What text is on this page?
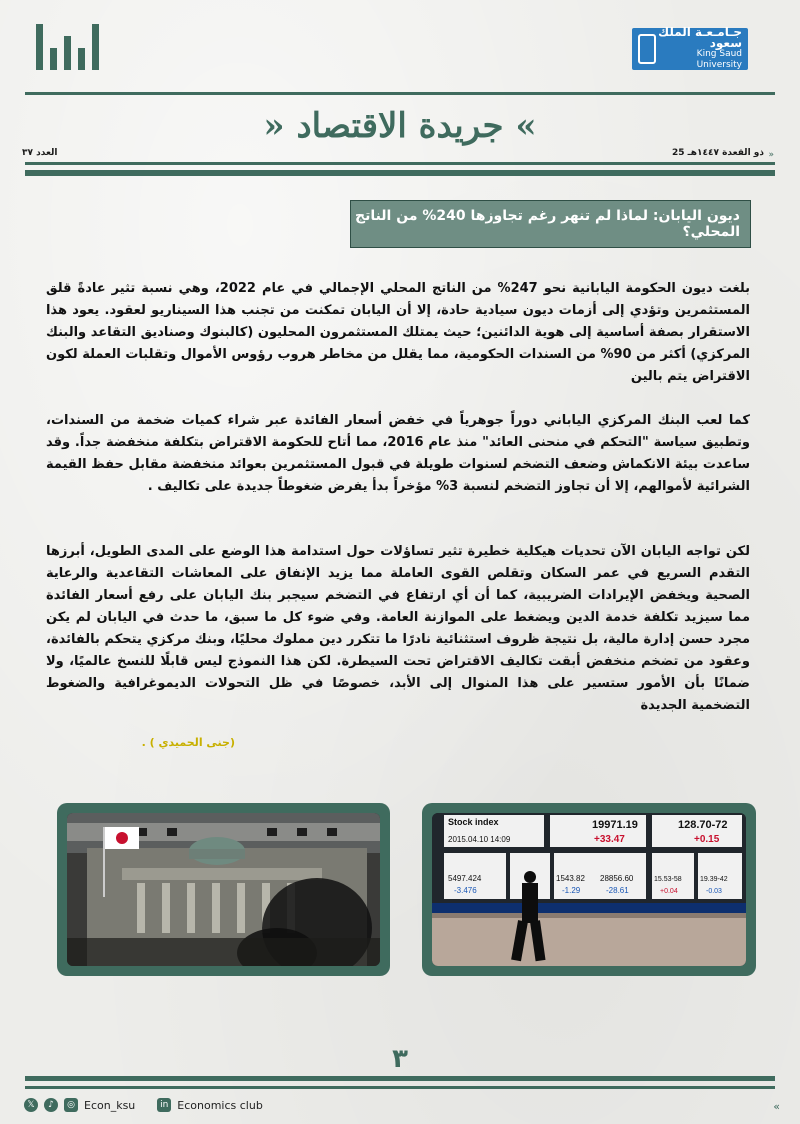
جـامـعـة الملك سعود
King Saud University
» جريدة الاقتصاد «
العدد ٣٧	25 ذو القعدة ١٤٤٧هـ »
ديون اليابان: لماذا لم تنهر رغم تجاوزها 240% من الناتج المحلي؟
بلغت ديون الحكومة اليابانية نحو 247% من الناتج المحلي الإجمالي في عام 2022، وهي نسبة تثير عادةً قلق المستثمرين وتؤدي إلى أزمات ديون سيادية حادة، إلا أن اليابان تمكنت من تجنب هذا السيناريو لعقود. يعود هذا الاستقرار بصفة أساسية إلى هوية الدائنين؛ حيث يمتلك المستثمرون المحليون (كالبنوك وصناديق التقاعد والبنك المركزي) أكثر من 90% من السندات الحكومية، مما يقلل من مخاطر هروب رؤوس الأموال وتقلبات العملة لكون الاقتراض يتم بالين
كما لعب البنك المركزي الياباني دوراً جوهرياً في خفض أسعار الفائدة عبر شراء كميات ضخمة من السندات، وتطبيق سياسة "التحكم في منحنى العائد" منذ عام 2016، مما أتاح للحكومة الاقتراض بتكلفة منخفضة جداً. وقد ساعدت بيئة الانكماش وضعف التضخم لسنوات طويلة في قبول المستثمرين بعوائد منخفضة مقابل حفظ القيمة الشرائية لأموالهم، إلا أن تجاوز التضخم لنسبة 3% مؤخراً بدأ يفرض ضغوطاً جديدة على تكاليف .
لكن تواجه اليابان الآن تحديات هيكلية خطيرة تثير تساؤلات حول استدامة هذا الوضع على المدى الطويل، أبرزها التقدم السريع في عمر السكان وتقلص القوى العاملة مما يزيد الإنفاق على المعاشات التقاعدية والرعاية الصحية ويخفض الإيرادات الضريبية، كما أن أي ارتفاع في التضخم سيجبر بنك اليابان على رفع أسعار الفائدة مما سيزيد تكلفة خدمة الدين ويضغط على الموازنة العامة. وفي ضوء كل ما سبق، ما حدث في اليابان لم يكن مجرد حسن إدارة مالية، بل نتيجة ظروف استثنائية نادرًا ما تتكرر دين مملوك محليًا، وبنك مركزي يتحكم بالفائدة، وعقود من تضخم منخفض أبقت تكاليف الاقتراض تحت السيطرة. لكن هذا النموذج ليس قابلًا للنسخ عالميًا، ولا ضمانًا بأن الأمور ستسير على هذا المنوال إلى الأبد، خصوصًا في ظل التحولات الديموغرافية والضغوط التضخمية الجديدة
(جنى الحميدي ) .
Stock index
2015.04.10 14:09
19971.19
+33.47
128.70-72
+0.15
5497.424
-3.476
1543.82
-1.29
28856.60
-28.61
15.53-58
+0.04
19.39-42
-0.03
٣
𝕏	♪	◎ Econ_ksu	in Economics club	«
